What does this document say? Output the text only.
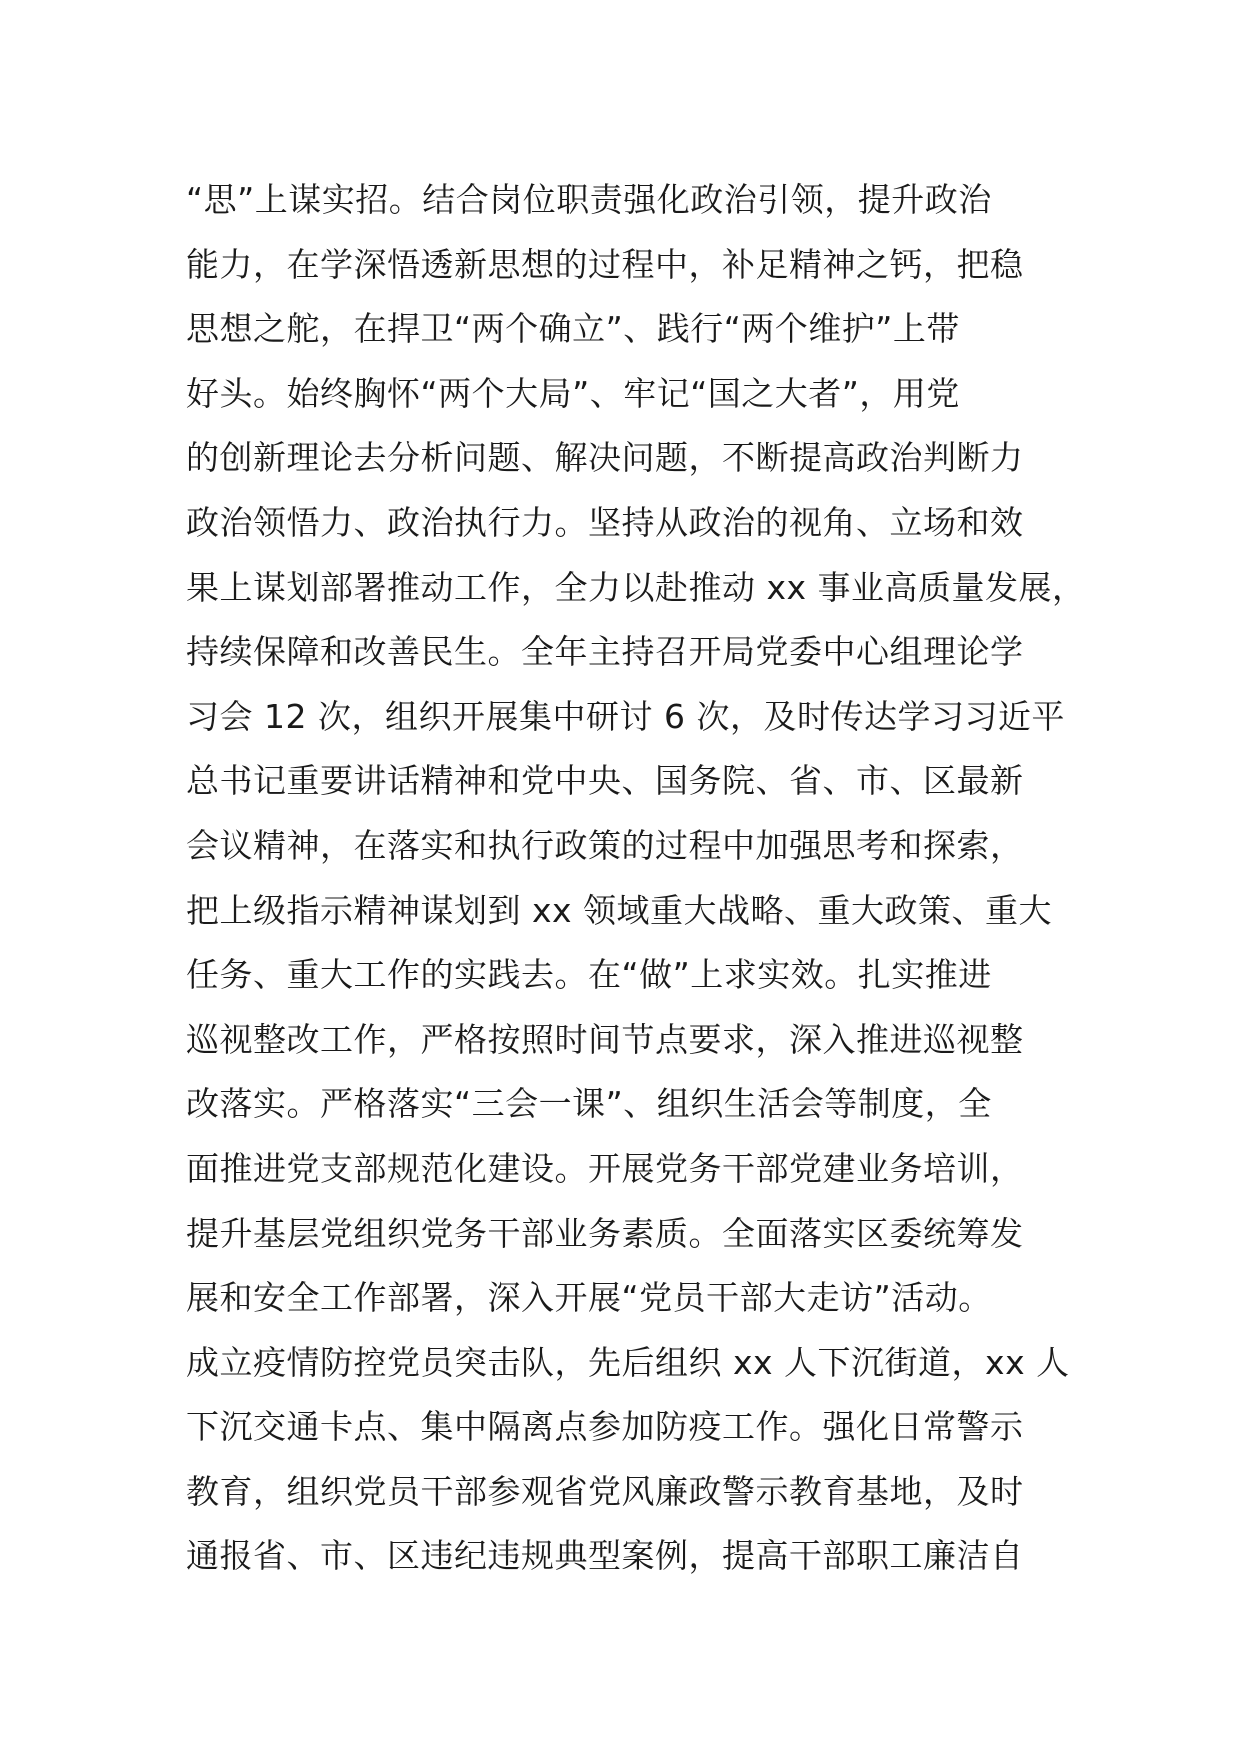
“思”上谋实招。结合岗位职责强化政治引领，提升政治
能力，在学深悟透新思想的过程中，补足精神之钙，把稳
思想之舵，在捍卫“两个确立”、践行“两个维护”上带
好头。始终胸怀“两个大局”、牢记“国之大者”，用党
的创新理论去分析问题、解决问题，不断提高政治判断力
政治领悟力、政治执行力。坚持从政治的视角、立场和效
果上谋划部署推动工作，全力以赴推动 xx 事业高质量发展，
持续保障和改善民生。全年主持召开局党委中心组理论学
习会 12 次，组织开展集中研讨 6 次，及时传达学习习近平
总书记重要讲话精神和党中央、国务院、省、市、区最新
会议精神，在落实和执行政策的过程中加强思考和探索，
把上级指示精神谋划到 xx 领域重大战略、重大政策、重大
任务、重大工作的实践去。在“做”上求实效。扎实推进
巡视整改工作，严格按照时间节点要求，深入推进巡视整
改落实。严格落实“三会一课”、组织生活会等制度，全
面推进党支部规范化建设。开展党务干部党建业务培训，
提升基层党组织党务干部业务素质。全面落实区委统筹发
展和安全工作部署，深入开展“党员干部大走访”活动。
成立疫情防控党员突击队，先后组织 xx 人下沉街道，xx 人
下沉交通卡点、集中隔离点参加防疫工作。强化日常警示
教育，组织党员干部参观省党风廉政警示教育基地，及时
通报省、市、区违纪违规典型案例，提高干部职工廉洁自
